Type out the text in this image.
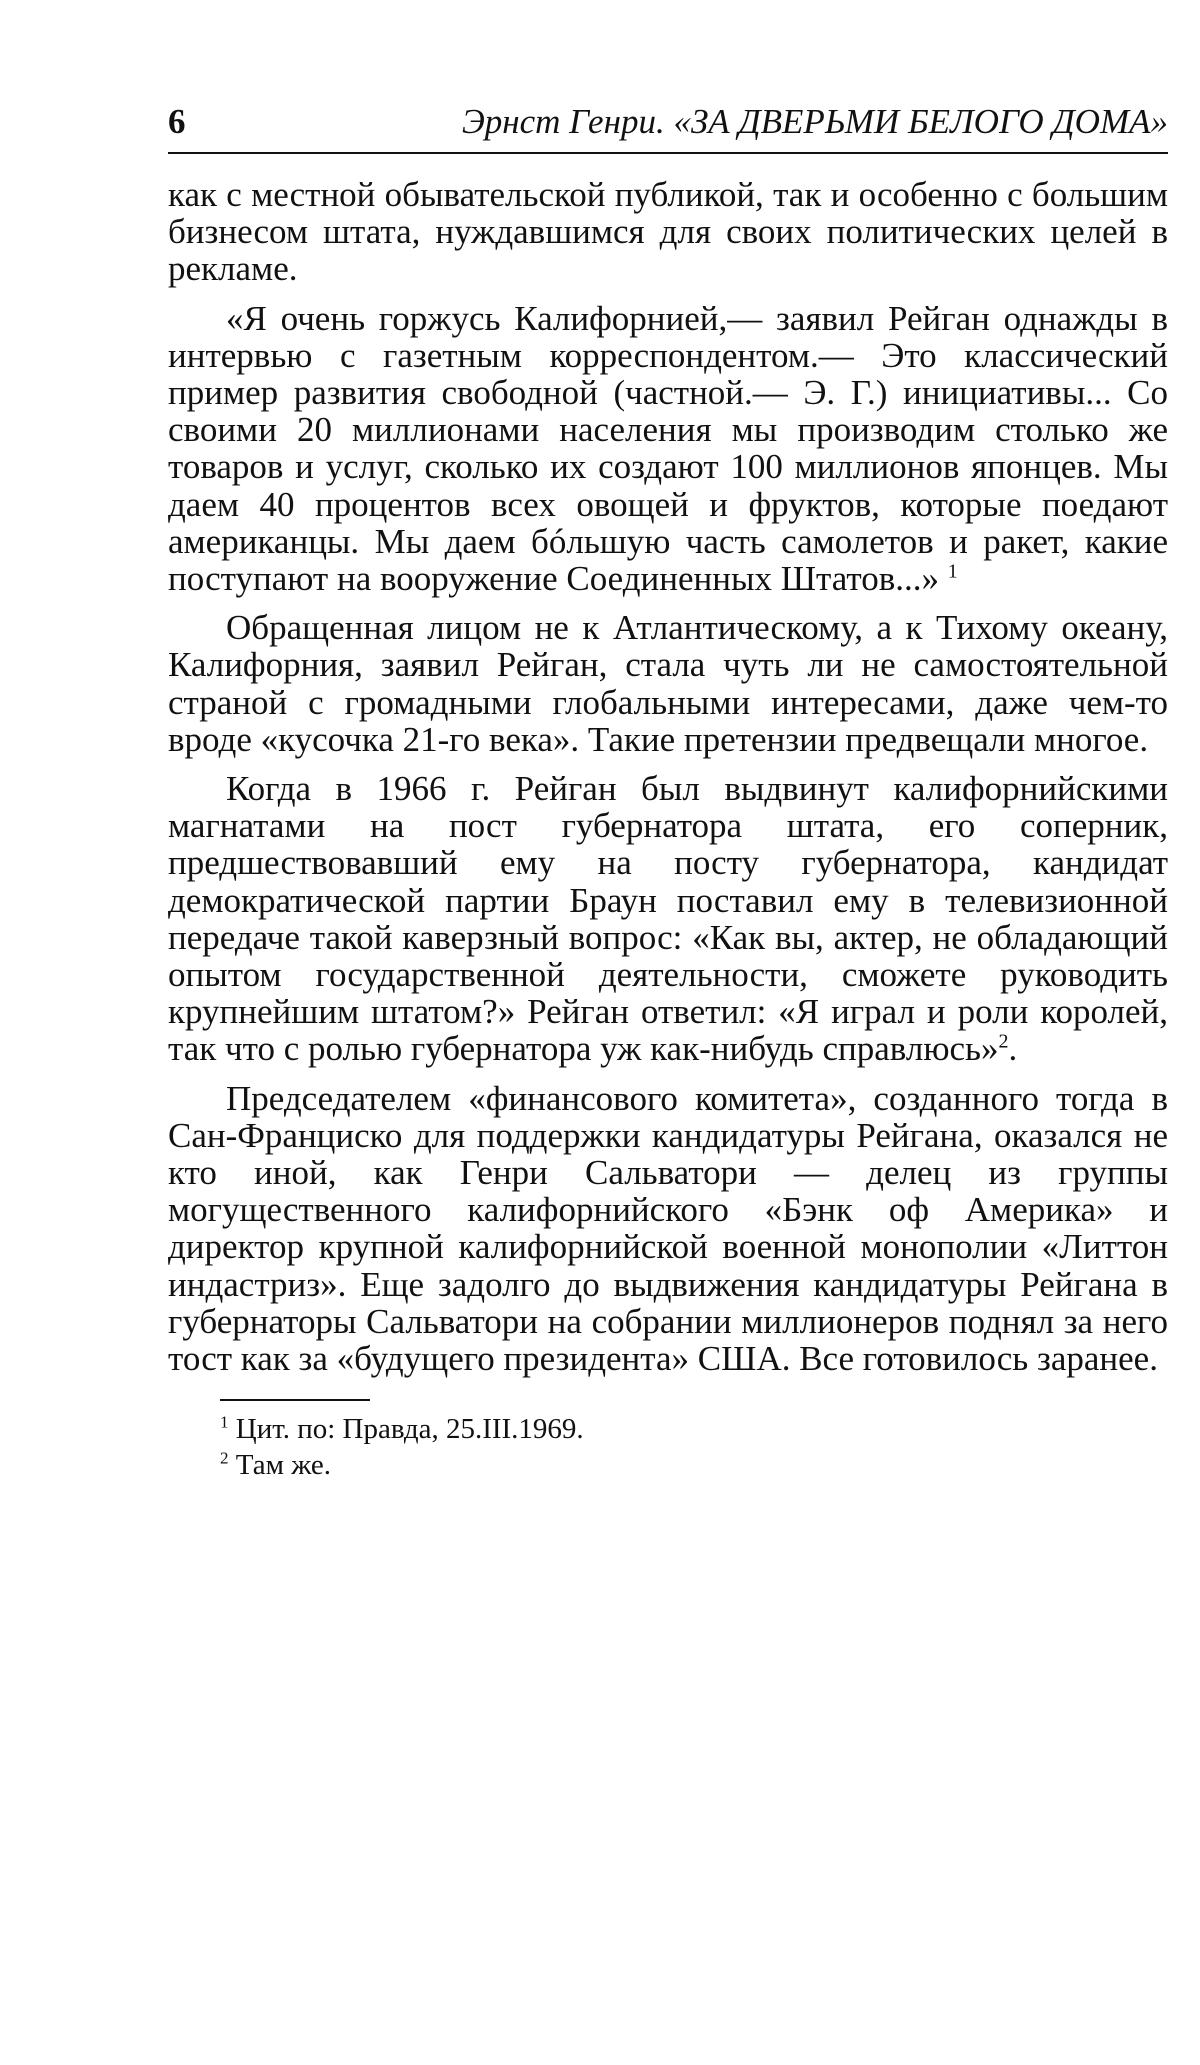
6	Эрнст Генри. «ЗА ДВЕРЬМИ БЕЛОГО ДОМА»

как с местной обывательской публикой, так и особенно с большим бизнесом штата, нуждавшимся для своих политических целей в рекламе.

«Я очень горжусь Калифорнией,— заявил Рейган однажды в интервью с газетным корреспондентом.— Это классический пример развития свободной (частной.— Э. Г.) инициативы... Со своими 20 миллионами населения мы производим столько же товаров и услуг, сколько их создают 100 миллионов японцев. Мы даем 40 процентов всех овощей и фруктов, которые поедают американцы. Мы даем бóльшую часть самолетов и ракет, какие поступают на вооружение Соединенных Штатов...» $^1$

Обращенная лицом не к Атлантическому, а к Тихому океану, Калифорния, заявил Рейган, стала чуть ли не самостоятельной страной с громадными глобальными интересами, даже чем-то вроде «кусочка 21-го века». Такие претензии предвещали многое.

Когда в 1966 г. Рейган был выдвинут калифорнийскими магнатами на пост губернатора штата, его соперник, предшествовавший ему на посту губернатора, кандидат демократической партии Браун поставил ему в телевизионной передаче такой каверзный вопрос: «Как вы, актер, не обладающий опытом государственной деятельности, сможете руководить крупнейшим штатом?» Рейган ответил: «Я играл и роли королей, так что с ролью губернатора уж как-нибудь справлюсь»$^2$.

Председателем «финансового комитета», созданного тогда в Сан-Франциско для поддержки кандидатуры Рейгана, оказался не кто иной, как Генри Сальватори — делец из группы могущественного калифорнийского «Бэнк оф Америка» и директор крупной калифорнийской военной монополии «Литтон индастриз». Еще задолго до выдвижения кандидатуры Рейгана в губернаторы Сальватори на собрании миллионеров поднял за него тост как за «будущего президента» США. Все готовилось заранее.

$^1$ Цит. по: Правда, 25.III.1969.

$^2$ Там же.
